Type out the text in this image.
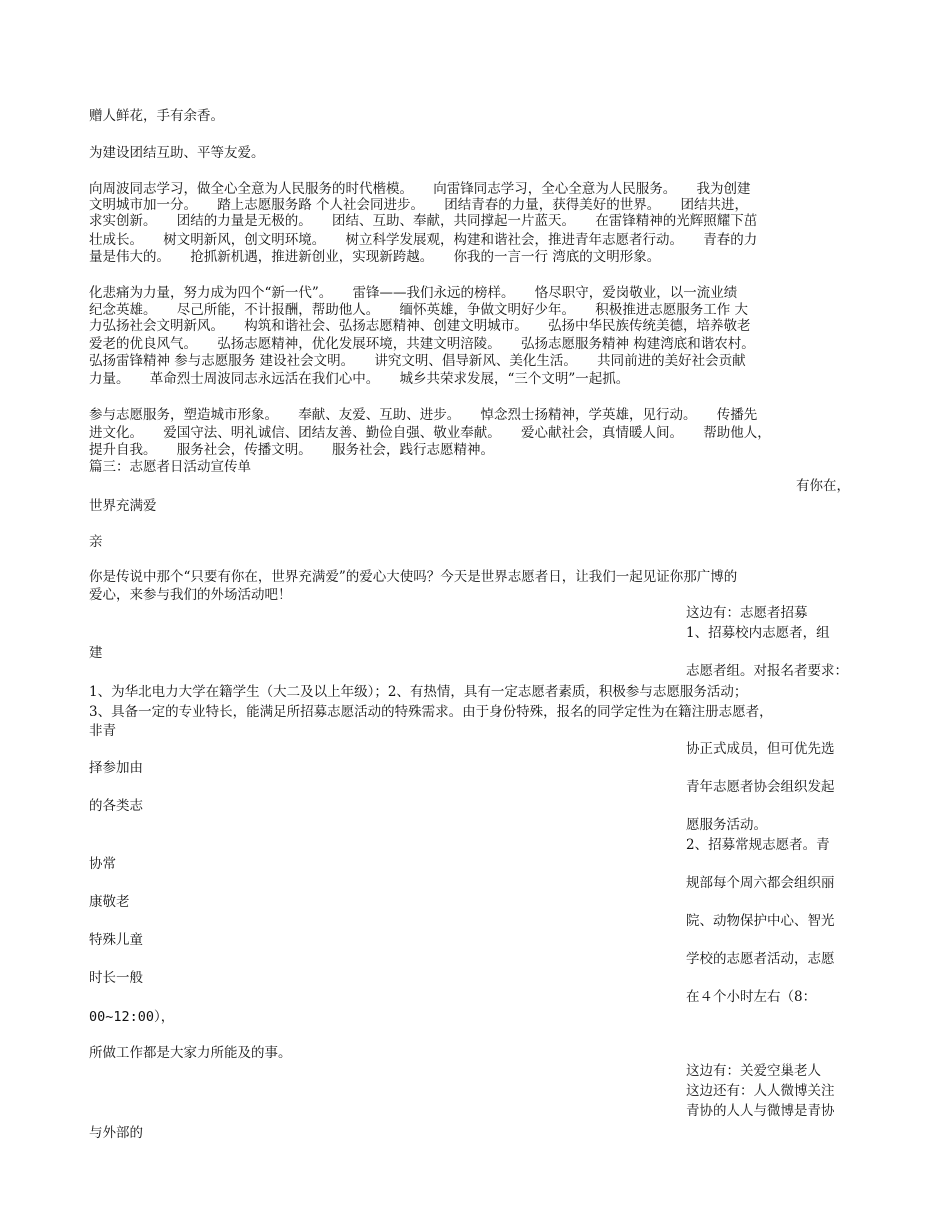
赠人鲜花，手有余香。
为建设团结互助、平等友爱。
向周波同志学习，做全心全意为人民服务的时代楷模。　　向雷锋同志学习，全心全意为人民服务。　　我为创建
文明城市加一分。　　踏上志愿服务路 个人社会同进步。　　团结青春的力量，获得美好的世界。　　团结共进，
求实创新。　　团结的力量是无极的。　　团结、互助、奉献，共同撑起一片蓝天。　　在雷锋精神的光辉照耀下茁
壮成长。　　树文明新风，创文明环境。　　树立科学发展观，构建和谐社会，推进青年志愿者行动。　　青春的力
量是伟大的。　　抢抓新机遇，推进新创业，实现新跨越。　　你我的一言一行 湾底的文明形象。
化悲痛为力量，努力成为四个“新一代”。　　雷锋——我们永远的榜样。　　恪尽职守，爱岗敬业，以一流业绩
纪念英雄。　　尽己所能，不计报酬，帮助他人。　　缅怀英雄，争做文明好少年。　　积极推进志愿服务工作 大
力弘扬社会文明新风。　　构筑和谐社会、弘扬志愿精神、创建文明城市。　　弘扬中华民族传统美德，培养敬老
爱老的优良风气。　　弘扬志愿精神，优化发展环境，共建文明涪陵。　　弘扬志愿服务精神 构建湾底和谐农村。
弘扬雷锋精神 参与志愿服务 建设社会文明。　　讲究文明、倡导新风、美化生活。　　共同前进的美好社会贡献
力量。　　革命烈士周波同志永远活在我们心中。　　城乡共荣求发展，“三个文明”一起抓。
参与志愿服务，塑造城市形象。　　奉献、友爱、互助、进步。　　悼念烈士扬精神，学英雄，见行动。　　传播先
进文化。　　爱国守法、明礼诚信、团结友善、勤俭自强、敬业奉献。　　爱心献社会，真情暖人间。　　帮助他人，
提升自我。　　服务社会，传播文明。　　服务社会，践行志愿精神。
篇三：志愿者日活动宣传单
有你在，
世界充满爱
亲
你是传说中那个“只要有你在，世界充满爱”的爱心大使吗？今天是世界志愿者日，让我们一起见证你那广博的
爱心，来参与我们的外场活动吧！
这边有：志愿者招募
1、招募校内志愿者，组
建
志愿者组。对报名者要求：
1、为华北电力大学在籍学生（大二及以上年级）；2、有热情，具有一定志愿者素质，积极参与志愿服务活动；
3、具备一定的专业特长，能满足所招募志愿活动的特殊需求。由于身份特殊，报名的同学定性为在籍注册志愿者，
非青
协正式成员，但可优先选
择参加由
青年志愿者协会组织发起
的各类志
愿服务活动。
2、招募常规志愿者。青
协常
规部每个周六都会组织丽
康敬老
院、动物保护中心、智光
特殊儿童
学校的志愿者活动，志愿
时长一般
在４个小时左右（8：
00~12:00），
所做工作都是大家力所能及的事。
这边有：关爱空巢老人
这边还有：人人微博关注
青协的人人与微博是青协
与外部的
